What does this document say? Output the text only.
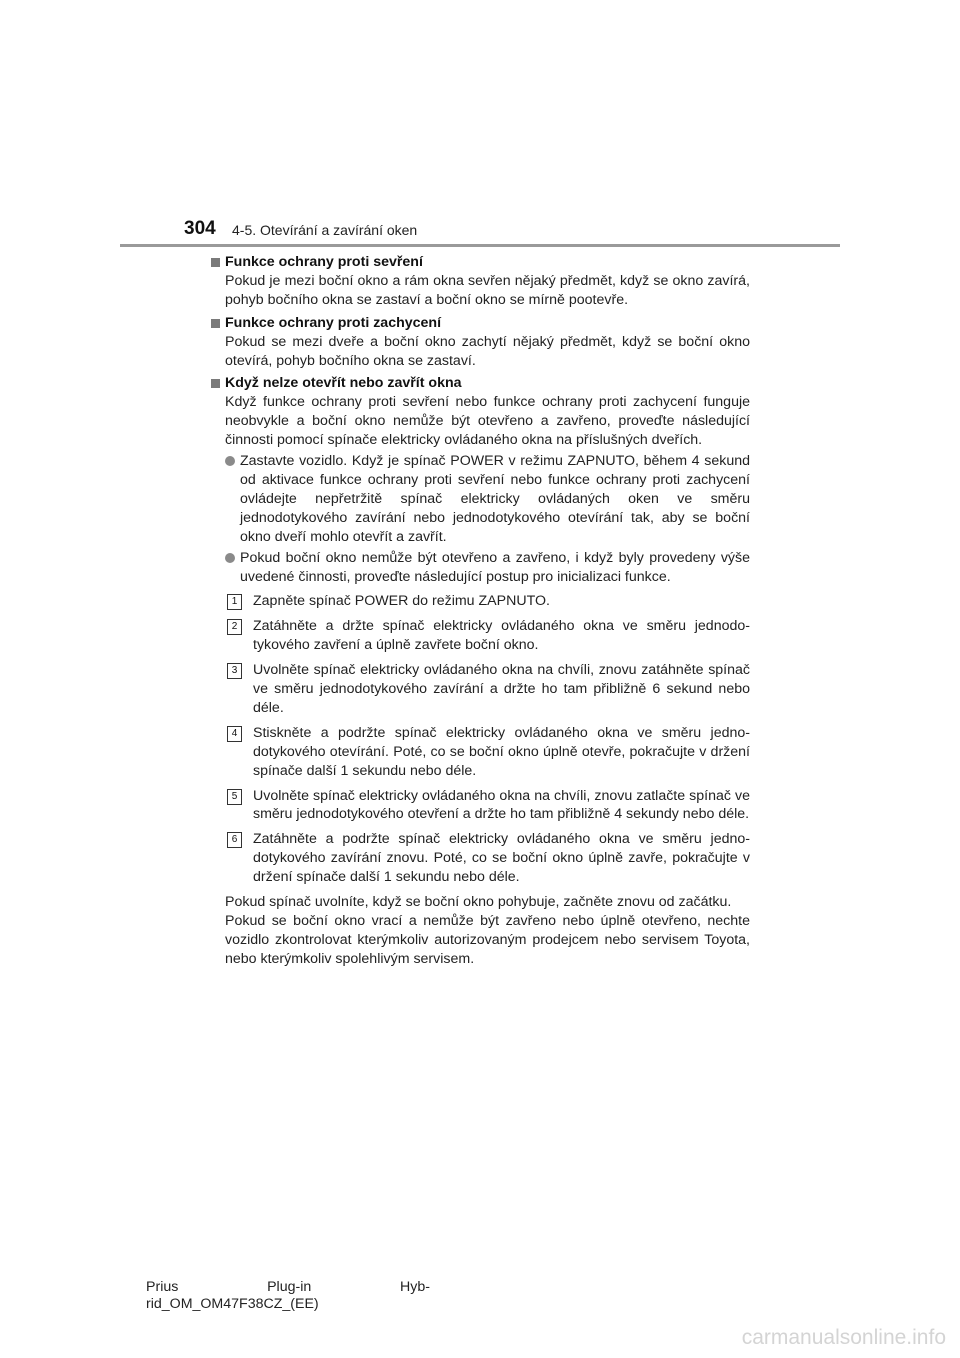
304 4-5. Otevírání a zavírání oken
Funkce ochrany proti sevření
Pokud je mezi boční okno a rám okna sevřen nějaký předmět, když se okno zavírá, pohyb bočního okna se zastaví a boční okno se mírně pootevře.
Funkce ochrany proti zachycení
Pokud se mezi dveře a boční okno zachytí nějaký předmět, když se boční okno otevírá, pohyb bočního okna se zastaví.
Když nelze otevřít nebo zavřít okna
Když funkce ochrany proti sevření nebo funkce ochrany proti zachycení funguje neobvykle a boční okno nemůže být otevřeno a zavřeno, proveďte následující činnosti pomocí spínače elektricky ovládaného okna na příslušných dveřích.
Zastavte vozidlo. Když je spínač POWER v režimu ZAPNUTO, během 4 sekund od aktivace funkce ochrany proti sevření nebo funkce ochrany proti zachycení ovládejte nepřetržitě spínač elektricky ovládaných oken ve směru jednodotykového zavírání nebo jednodotykového otevírání tak, aby se boční okno dveří mohlo otevřít a zavřít.
Pokud boční okno nemůže být otevřeno a zavřeno, i když byly provedeny výše uvedené činnosti, proveďte následující postup pro inicializaci funkce.
1	Zapněte spínač POWER do režimu ZAPNUTO.
2	Zatáhněte a držte spínač elektricky ovládaného okna ve směru jednodotykového zavření a úplně zavřete boční okno.
3	Uvolněte spínač elektricky ovládaného okna na chvíli, znovu zatáhněte spínač ve směru jednodotykového zavírání a držte ho tam přibližně 6 sekund nebo déle.
4	Stiskněte a podržte spínač elektricky ovládaného okna ve směru jednodotykového otevírání. Poté, co se boční okno úplně otevře, pokračujte v držení spínače další 1 sekundu nebo déle.
5	Uvolněte spínač elektricky ovládaného okna na chvíli, znovu zatlačte spínač ve směru jednodotykového otevření a držte ho tam přibližně 4 sekundy nebo déle.
6	Zatáhněte a podržte spínač elektricky ovládaného okna ve směru jednodotykového zavírání znovu. Poté, co se boční okno úplně zavře, pokračujte v držení spínače další 1 sekundu nebo déle.

Pokud spínač uvolníte, když se boční okno pohybuje, začněte znovu od začátku.

Pokud se boční okno vrací a nemůže být zavřeno nebo úplně otevřeno, nechte vozidlo zkontrolovat kterýmkoliv autorizovaným prodejcem nebo servisem Toyota, nebo kterýmkoliv spolehlivým servisem.

Prius	Plug-in	Hyb-
rid_OM_OM47F38CZ_(EE)
carmanualsonline.info
